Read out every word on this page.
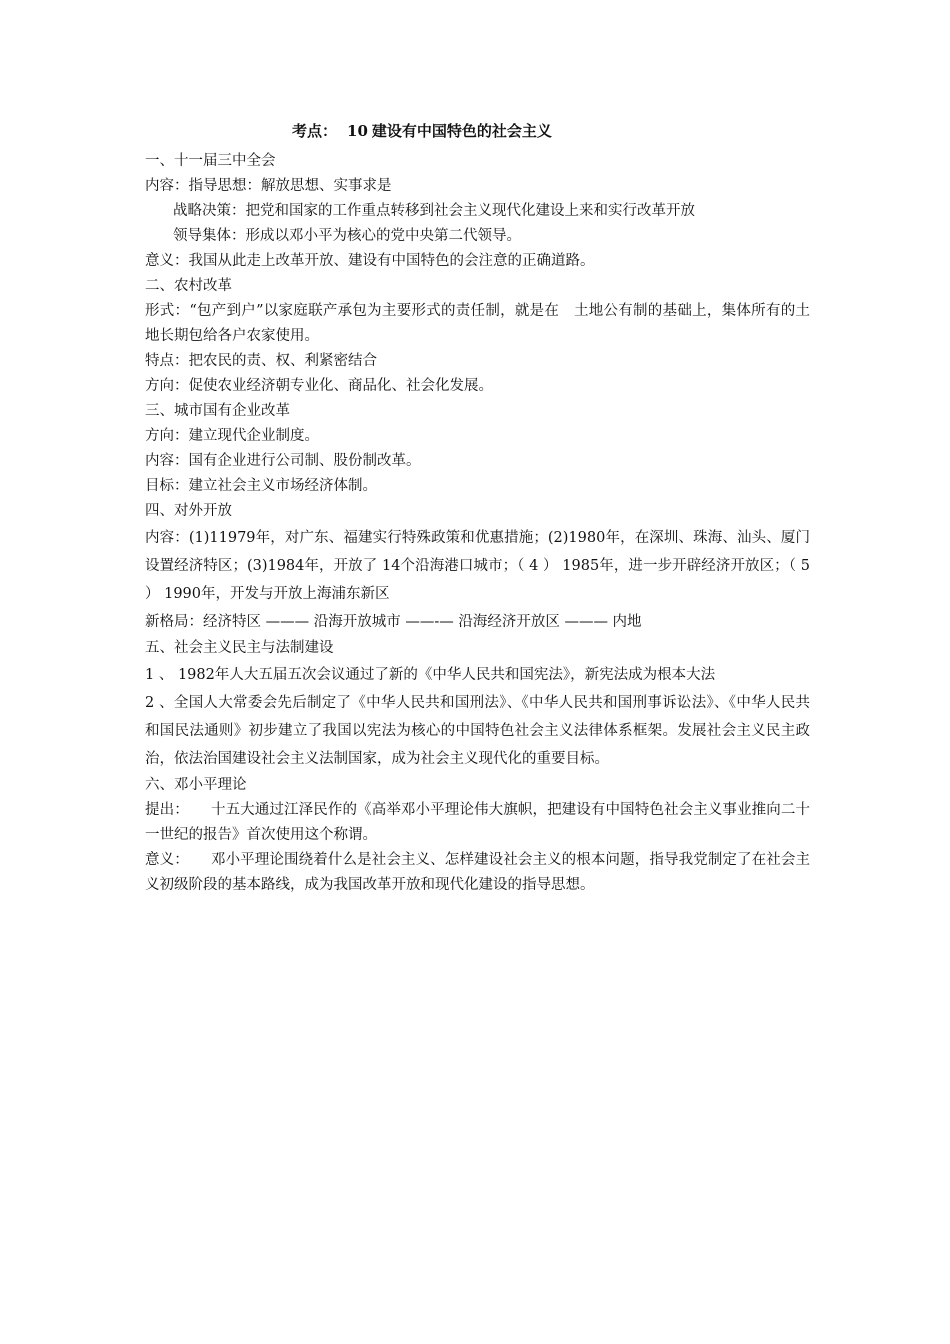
考点： 10 建设有中国特色的社会主义
一、十一届三中全会
内容：指导思想：解放思想、实事求是
战略决策：把党和国家的工作重点转移到社会主义现代化建设上来和实行改革开放
领导集体：形成以邓小平为核心的党中央第二代领导。
意义：我国从此走上改革开放、建设有中国特色的会注意的正确道路。
二、农村改革
形式：“包产到户”以家庭联产承包为主要形式的责任制，就是在　土地公有制的基础上，集体所有的土地长期包给各户农家使用。
特点：把农民的责、权、利紧密结合
方向：促使农业经济朝专业化、商品化、社会化发展。
三、城市国有企业改革
方向：建立现代企业制度。
内容：国有企业进行公司制、股份制改革。
目标：建立社会主义市场经济体制。
四、对外开放
内容：(1)11979年，对广东、福建实行特殊政策和优惠措施；(2)1980年，在深圳、珠海、汕头、厦门设置经济特区；(3)1984年，开放了 14个沿海港口城市；（ 4 ） 1985年，进一步开辟经济开放区；（ 5 ） 1990年，开发与开放上海浦东新区
新格局：经济特区 ——— 沿海开放城市 ——-— 沿海经济开放区 ——— 内地
五、社会主义民主与法制建设
1 、 1982年人大五届五次会议通过了新的《中华人民共和国宪法》，新宪法成为根本大法
2 、全国人大常委会先后制定了《中华人民共和国刑法》、《中华人民共和国刑事诉讼法》、《中华人民共和国民法通则》初步建立了我国以宪法为核心的中国特色社会主义法律体系框架。发展社会主义民主政治，依法治国建设社会主义法制国家，成为社会主义现代化的重要目标。
六、邓小平理论
提出： 十五大通过江泽民作的《高举邓小平理论伟大旗帜，把建设有中国特色社会主义事业推向二十一世纪的报告》首次使用这个称谓。
意义： 邓小平理论围绕着什么是社会主义、怎样建设社会主义的根本问题，指导我党制定了在社会主义初级阶段的基本路线，成为我国改革开放和现代化建设的指导思想。
